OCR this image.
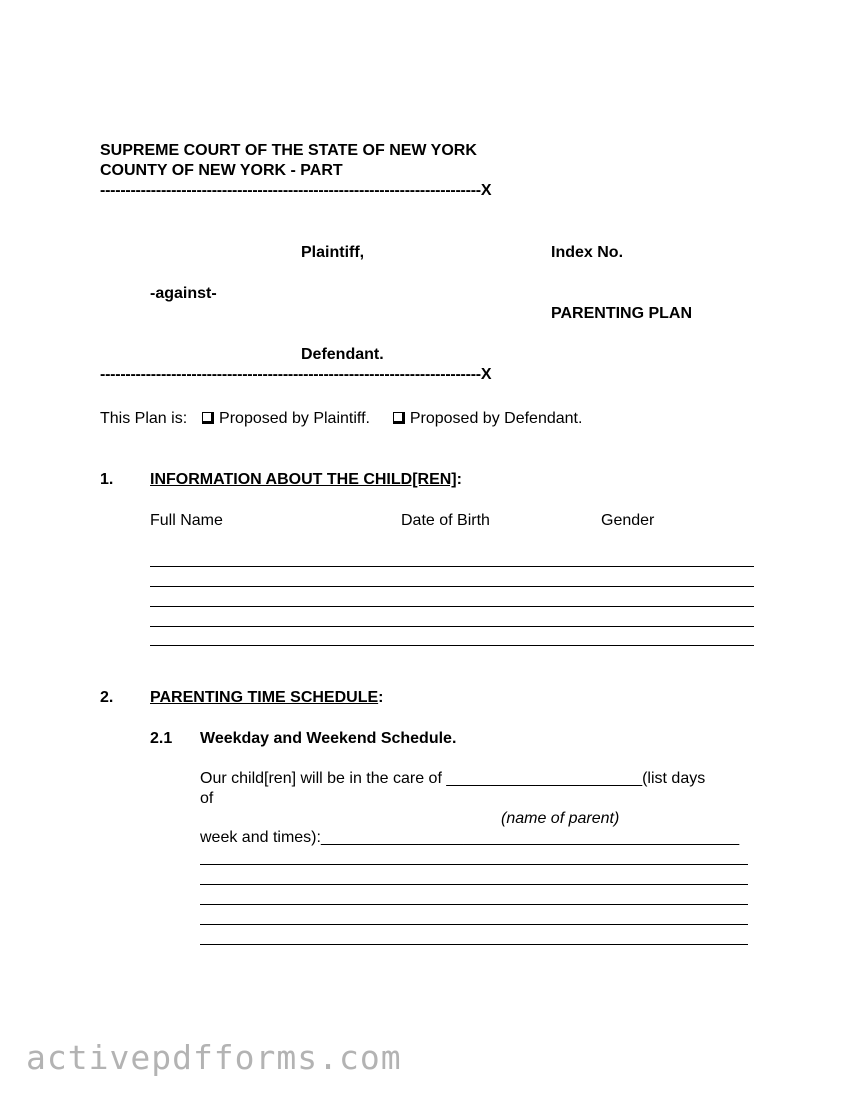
SUPREME COURT OF THE STATE OF NEW YORK
COUNTY OF NEW YORK - PART
---------------------------------------------------------------------------X
Plaintiff,	Index No.
-against-
PARENTING PLAN
Defendant.
---------------------------------------------------------------------------X
This Plan is: Proposed by Plaintiff. Proposed by Defendant.
1. INFORMATION ABOUT THE CHILD[REN]:
Full Name	Date of Birth	Gender
2. PARENTING TIME SCHEDULE:
2.1 Weekday and Weekend Schedule.
Our child[ren] will be in the care of ______________________(list days
of
(name of parent)
week and times):_______________________________________________
activepdfforms.com
